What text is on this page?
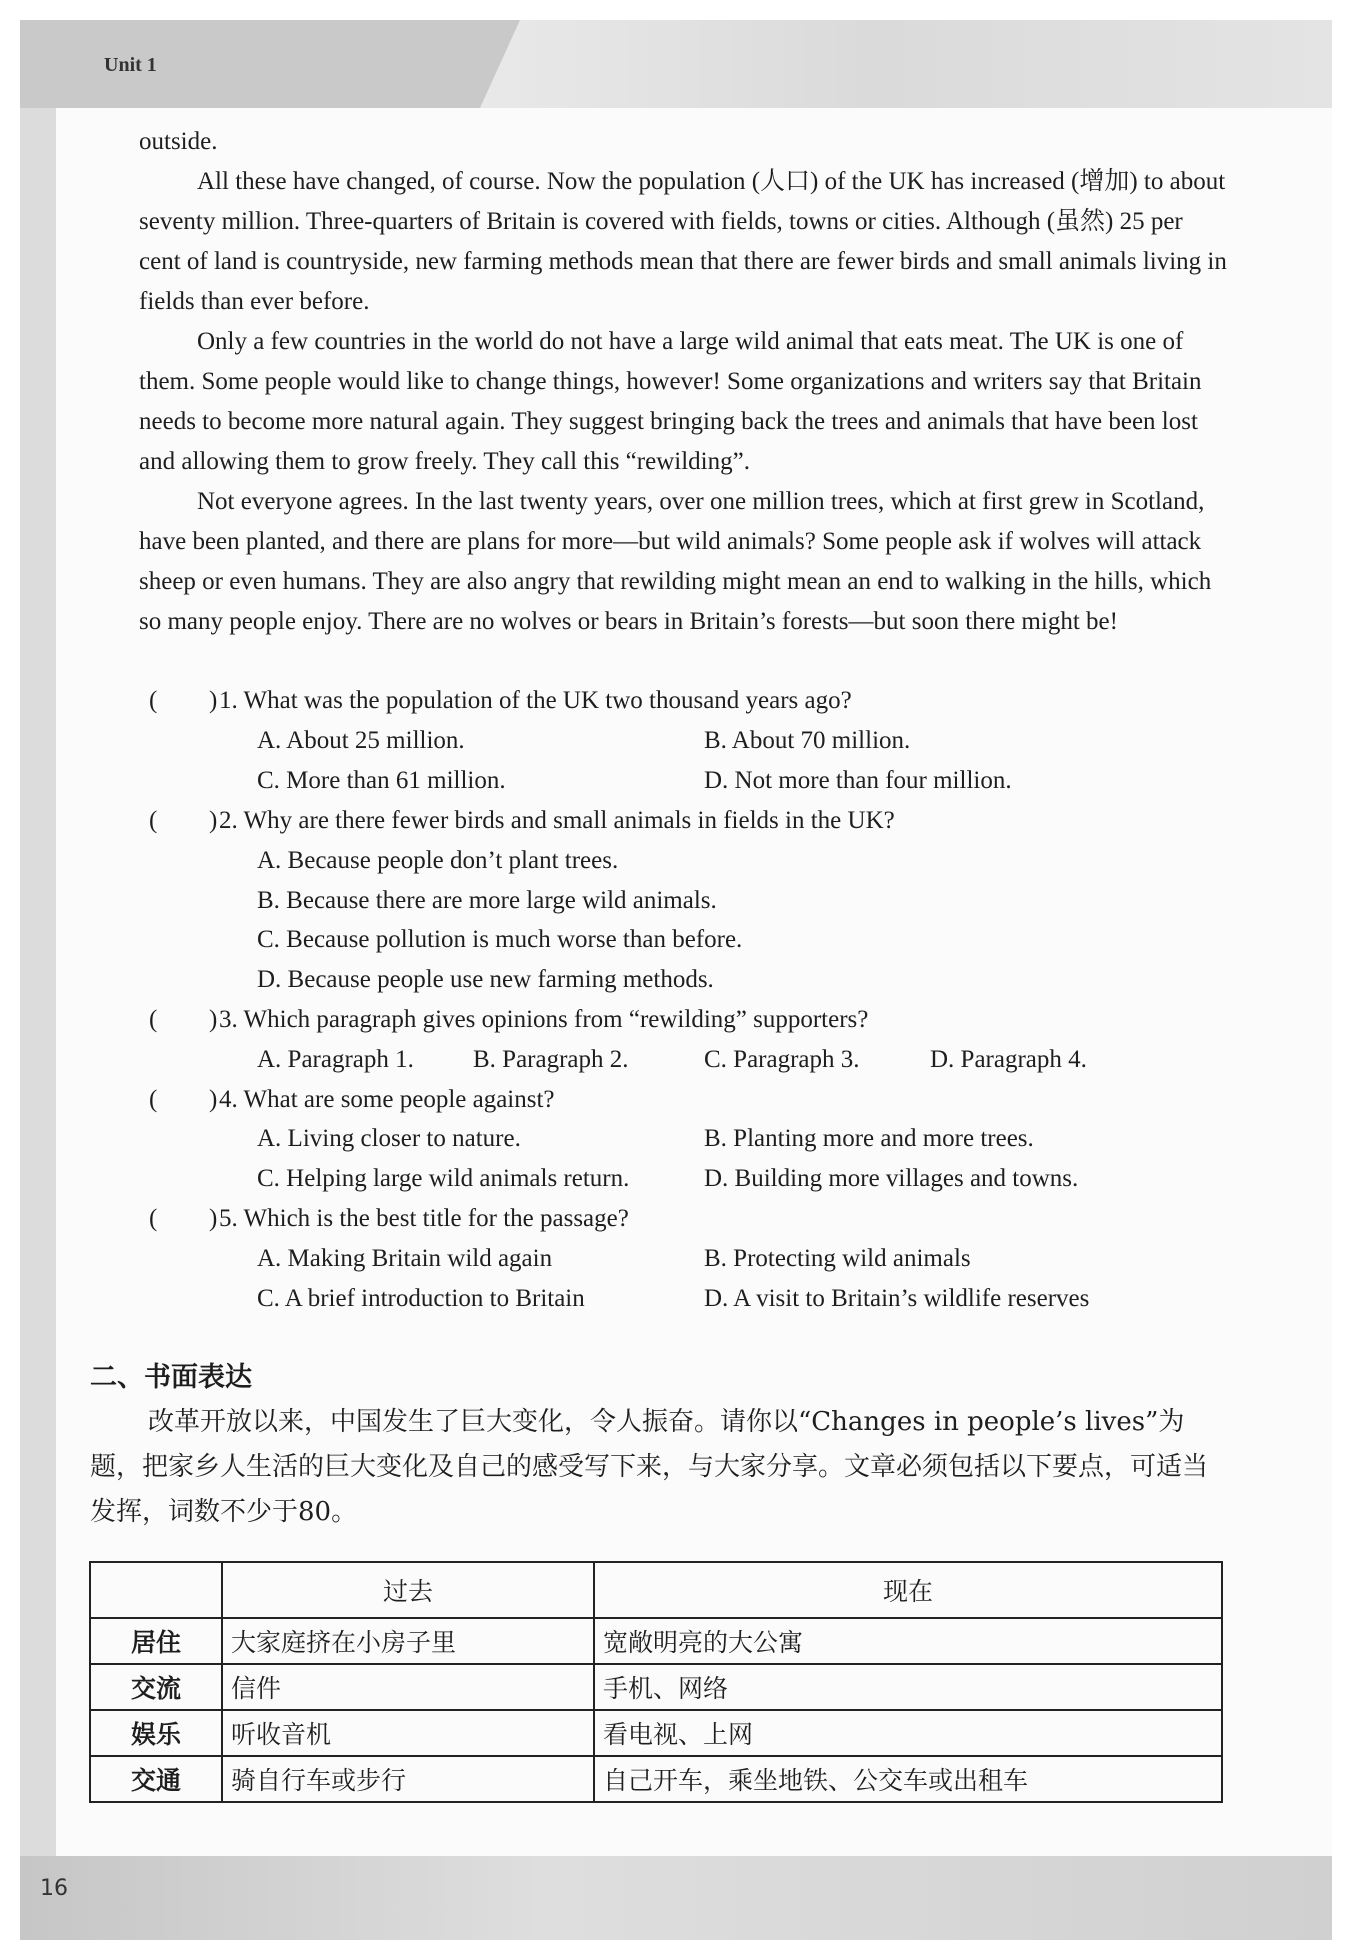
Unit 1
16

outside.

All these have changed, of course. Now the population (人口) of the UK has increased (增加) to about seventy million. Three-quarters of Britain is covered with fields, towns or cities. Although (虽然) 25 per cent of land is countryside, new farming methods mean that there are fewer birds and small animals living in fields than ever before.

Only a few countries in the world do not have a large wild animal that eats meat. The UK is one of them. Some people would like to change things, however! Some organizations and writers say that Britain needs to become more natural again. They suggest bringing back the trees and animals that have been lost and allowing them to grow freely. They call this “rewilding”.

Not everyone agrees. In the last twenty years, over one million trees, which at first grew in Scotland, have been planted, and there are plans for more—but wild animals? Some people ask if wolves will attack sheep or even humans. They are also angry that rewilding might mean an end to walking in the hills, which so many people enjoy. There are no wolves or bears in Britain’s forests—but soon there might be!

( ) 1. What was the population of the UK two thousand years ago?
A. About 25 million.	B. About 70 million.
C. More than 61 million.	D. Not more than four million.
( ) 2. Why are there fewer birds and small animals in fields in the UK?
A. Because people don’t plant trees.
B. Because there are more large wild animals.
C. Because pollution is much worse than before.
D. Because people use new farming methods.
( ) 3. Which paragraph gives opinions from “rewilding” supporters?
A. Paragraph 1. B. Paragraph 2.	C. Paragraph 3.	D. Paragraph 4.
( ) 4. What are some people against?
A. Living closer to nature.	B. Planting more and more trees.
C. Helping large wild animals return.	D. Building more villages and towns.
( ) 5. Which is the best title for the passage?
A. Making Britain wild again	B. Protecting wild animals
C. A brief introduction to Britain	D. A visit to Britain’s wildlife reserves
二、书面表达

改革开放以来，中国发生了巨大变化，令人振奋。请你以“Changes in people’s lives”为题，把家乡人生活的巨大变化及自己的感受写下来，与大家分享。文章必须包括以下要点，可适当发挥，词数不少于80。

	过去	现在
居住	大家庭挤在小房子里	宽敞明亮的大公寓
交流	信件	手机、网络
娱乐	听收音机	看电视、上网
交通	骑自行车或步行	自己开车，乘坐地铁、公交车或出租车
